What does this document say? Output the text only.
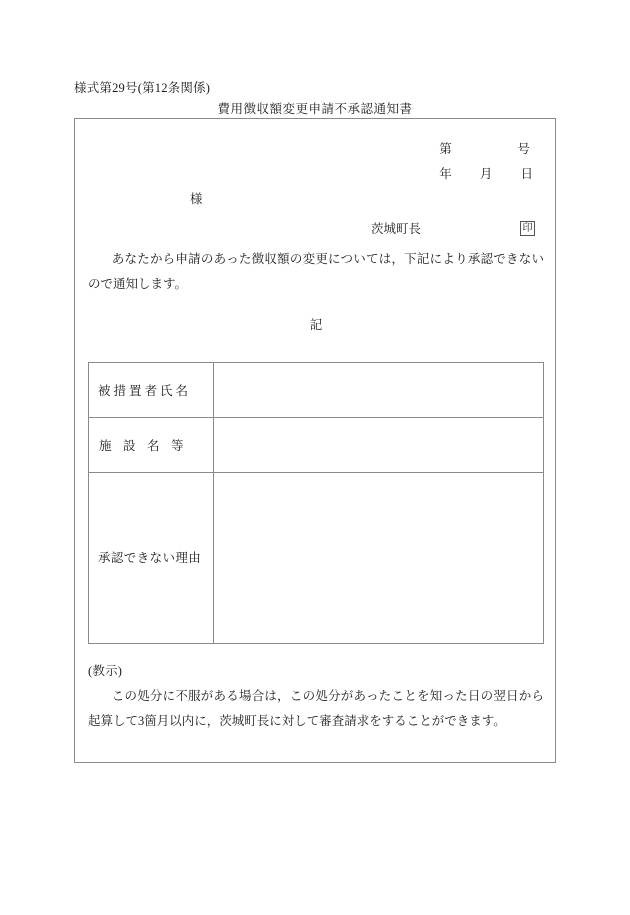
様式第29号(第12条関係)
費用徴収額変更申請不承認通知書
第　　　　　 号
年　　 月　　 日
様
茨城町長	印
あなたから申請のあった徴収額の変更については，下記により承認できないので通知します。
記
被措置者氏名	

施設名等	

承認できない理由	

(教示)
この処分に不服がある場合は，この処分があったことを知った日の翌日から起算して3箇月以内に，茨城町長に対して審査請求をすることができます。
